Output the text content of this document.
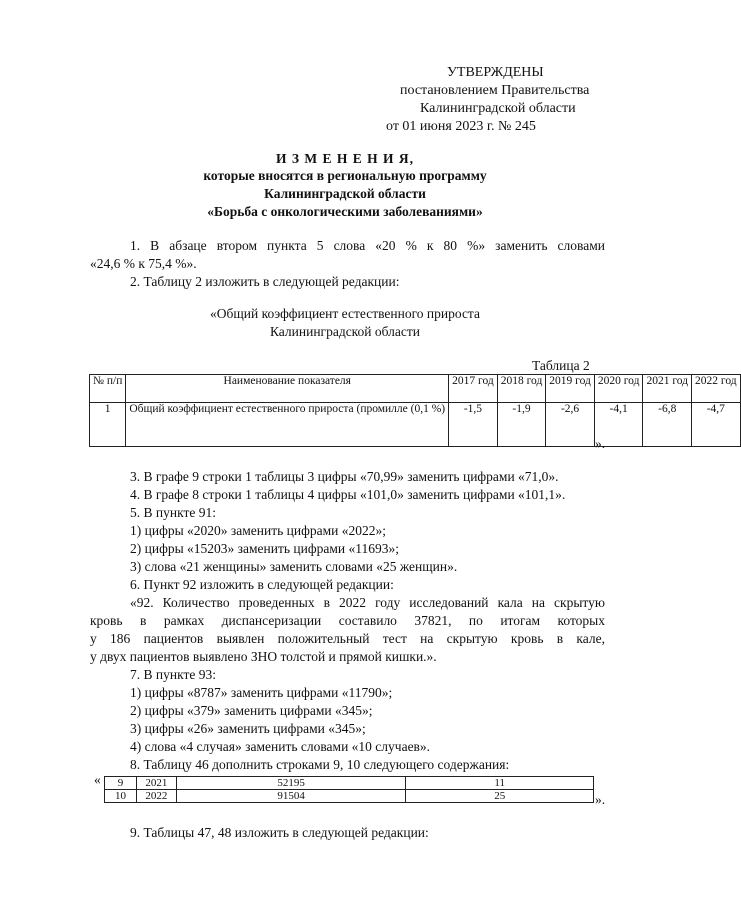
УТВЕРЖДЕНЫ
постановлением Правительства
Калининградской области
от 01 июня 2023 г. № 245
И З М Е Н Е Н И Я,
которые вносятся в региональную программу
Калининградской области
«Борьба с онкологическими заболеваниями»
1. В абзаце втором пункта 5 слова «20 % к 80 %» заменить словами
«24,6 % к 75,4 %».
2. Таблицу 2 изложить в следующей редакции:
«Общий коэффициент естественного прироста
Калининградской области
Таблица 2
№ п/п	Наименование показателя	2017 год	2018 год	2019 год	2020 год	2021 год	2022 год
1	Общий коэффициент естественного прироста (промилле (0,1 %)	-1,5	-1,9	-2,6	-4,1	-6,8	-4,7
».
3. В графе 9 строки 1 таблицы 3 цифры «70,99» заменить цифрами «71,0».
4. В графе 8 строки 1 таблицы 4 цифры «101,0» заменить цифрами «101,1».
5. В пункте 91:
1) цифры «2020» заменить цифрами «2022»;
2) цифры «15203» заменить цифрами «11693»;
3) слова «21 женщины» заменить словами «25 женщин».
6. Пункт 92 изложить в следующей редакции:
«92. Количество проведенных в 2022 году исследований кала на скрытую
кровь в рамках диспансеризации составило 37821, по итогам которых
у 186 пациентов выявлен положительный тест на скрытую кровь в кале,
у двух пациентов выявлено ЗНО толстой и прямой кишки.».
7. В пункте 93:
1) цифры «8787» заменить цифрами «11790»;
2) цифры «379» заменить цифрами «345»;
3) цифры «26» заменить цифрами «345»;
4) слова «4 случая» заменить словами «10 случаев».
8. Таблицу 46 дополнить строками 9, 10 следующего содержания:
« 9	2021	52195	11
10	2022	91504	25	».
9. Таблицы 47, 48 изложить в следующей редакции:
